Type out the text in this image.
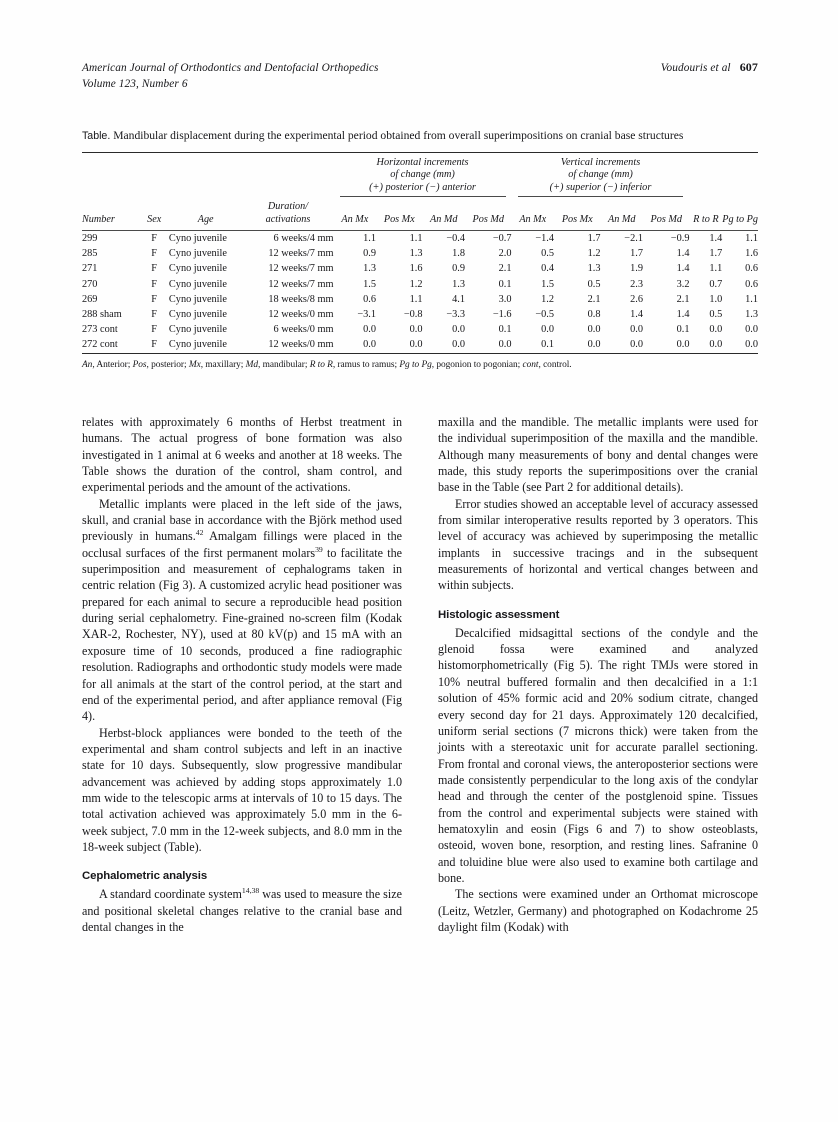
American Journal of Orthodontics and Dentofacial Orthopedics	Voudouris et al 607
Volume 123, Number 6
Table. Mandibular displacement during the experimental period obtained from overall superimpositions on cranial base structures

Horizontal increments
of change (mm)
(+) posterior (−) anterior

Vertical increments
of change (mm)
(+) superior (−) inferior

Number	Sex	Age	Duration/
activations	An Mx	Pos Mx	An Md	Pos Md	An Mx	Pos Mx	An Md	Pos Md	R to R	Pg to Pg
299	F	Cyno juvenile	6 weeks/4 mm	1.1	1.1	−0.4	−0.7	−1.4	1.7	−2.1	−0.9	1.4	1.1
285	F	Cyno juvenile	12 weeks/7 mm	0.9	1.3	1.8	2.0	0.5	1.2	1.7	1.4	1.7	1.6
271	F	Cyno juvenile	12 weeks/7 mm	1.3	1.6	0.9	2.1	0.4	1.3	1.9	1.4	1.1	0.6
270	F	Cyno juvenile	12 weeks/7 mm	1.5	1.2	1.3	0.1	1.5	0.5	2.3	3.2	0.7	0.6
269	F	Cyno juvenile	18 weeks/8 mm	0.6	1.1	4.1	3.0	1.2	2.1	2.6	2.1	1.0	1.1
288 sham	F	Cyno juvenile	12 weeks/0 mm	−3.1	−0.8	−3.3	−1.6	−0.5	0.8	1.4	1.4	0.5	1.3
273 cont	F	Cyno juvenile	6 weeks/0 mm	0.0	0.0	0.0	0.1	0.0	0.0	0.0	0.1	0.0	0.0
272 cont	F	Cyno juvenile	12 weeks/0 mm	0.0	0.0	0.0	0.0	0.1	0.0	0.0	0.0	0.0	0.0
An, Anterior; Pos, posterior; Mx, maxillary; Md, mandibular; R to R, ramus to ramus; Pg to Pg, pogonion to pogonian; cont, control.

relates with approximately 6 months of Herbst treatment in humans. The actual progress of bone formation was also investigated in 1 animal at 6 weeks and another at 18 weeks. The Table shows the duration of the control, sham control, and experimental periods and the amount of the activations.

Metallic implants were placed in the left side of the jaws, skull, and cranial base in accordance with the Björk method used previously in humans.$^{42}$ Amalgam fillings were placed in the occlusal surfaces of the first permanent molars$^{39}$ to facilitate the superimposition and measurement of cephalograms taken in centric relation (Fig 3). A customized acrylic head positioner was prepared for each animal to secure a reproducible head position during serial cephalometry. Fine-grained no-screen film (Kodak XAR-2, Rochester, NY), used at 80 kV(p) and 15 mA with an exposure time of 10 seconds, produced a fine radiographic resolution. Radiographs and orthodontic study models were made for all animals at the start of the control period, at the start and end of the experimental period, and after appliance removal (Fig 4).

Herbst-block appliances were bonded to the teeth of the experimental and sham control subjects and left in an inactive state for 10 days. Subsequently, slow progressive mandibular advancement was achieved by adding stops approximately 1.0 mm wide to the telescopic arms at intervals of 10 to 15 days. The total activation achieved was approximately 5.0 mm in the 6-week subject, 7.0 mm in the 12-week subjects, and 8.0 mm in the 18-week subject (Table).

Cephalometric analysis

A standard coordinate system$^{14,38}$ was used to measure the size and positional skeletal changes relative to the cranial base and dental changes in the

maxilla and the mandible. The metallic implants were used for the individual superimposition of the maxilla and the mandible. Although many measurements of bony and dental changes were made, this study reports the superimpositions over the cranial base in the Table (see Part 2 for additional details).

Error studies showed an acceptable level of accuracy assessed from similar interoperative results reported by 3 operators. This level of accuracy was achieved by superimposing the metallic implants in successive tracings and in the subsequent measurements of horizontal and vertical changes between and within subjects.

Histologic assessment

Decalcified midsagittal sections of the condyle and the glenoid fossa were examined and analyzed histomorphometrically (Fig 5). The right TMJs were stored in 10% neutral buffered formalin and then decalcified in a 1:1 solution of 45% formic acid and 20% sodium citrate, changed every second day for 21 days. Approximately 120 decalcified, uniform serial sections (7 microns thick) were taken from the joints with a stereotaxic unit for accurate parallel sectioning. From frontal and coronal views, the anteroposterior sections were made consistently perpendicular to the long axis of the condylar head and through the center of the postglenoid spine. Tissues from the control and experimental subjects were stained with hematoxylin and eosin (Figs 6 and 7) to show osteoblasts, osteoid, woven bone, resorption, and resting lines. Safranine 0 and toluidine blue were also used to examine both cartilage and bone.

The sections were examined under an Orthomat microscope (Leitz, Wetzler, Germany) and photographed on Kodachrome 25 daylight film (Kodak) with
